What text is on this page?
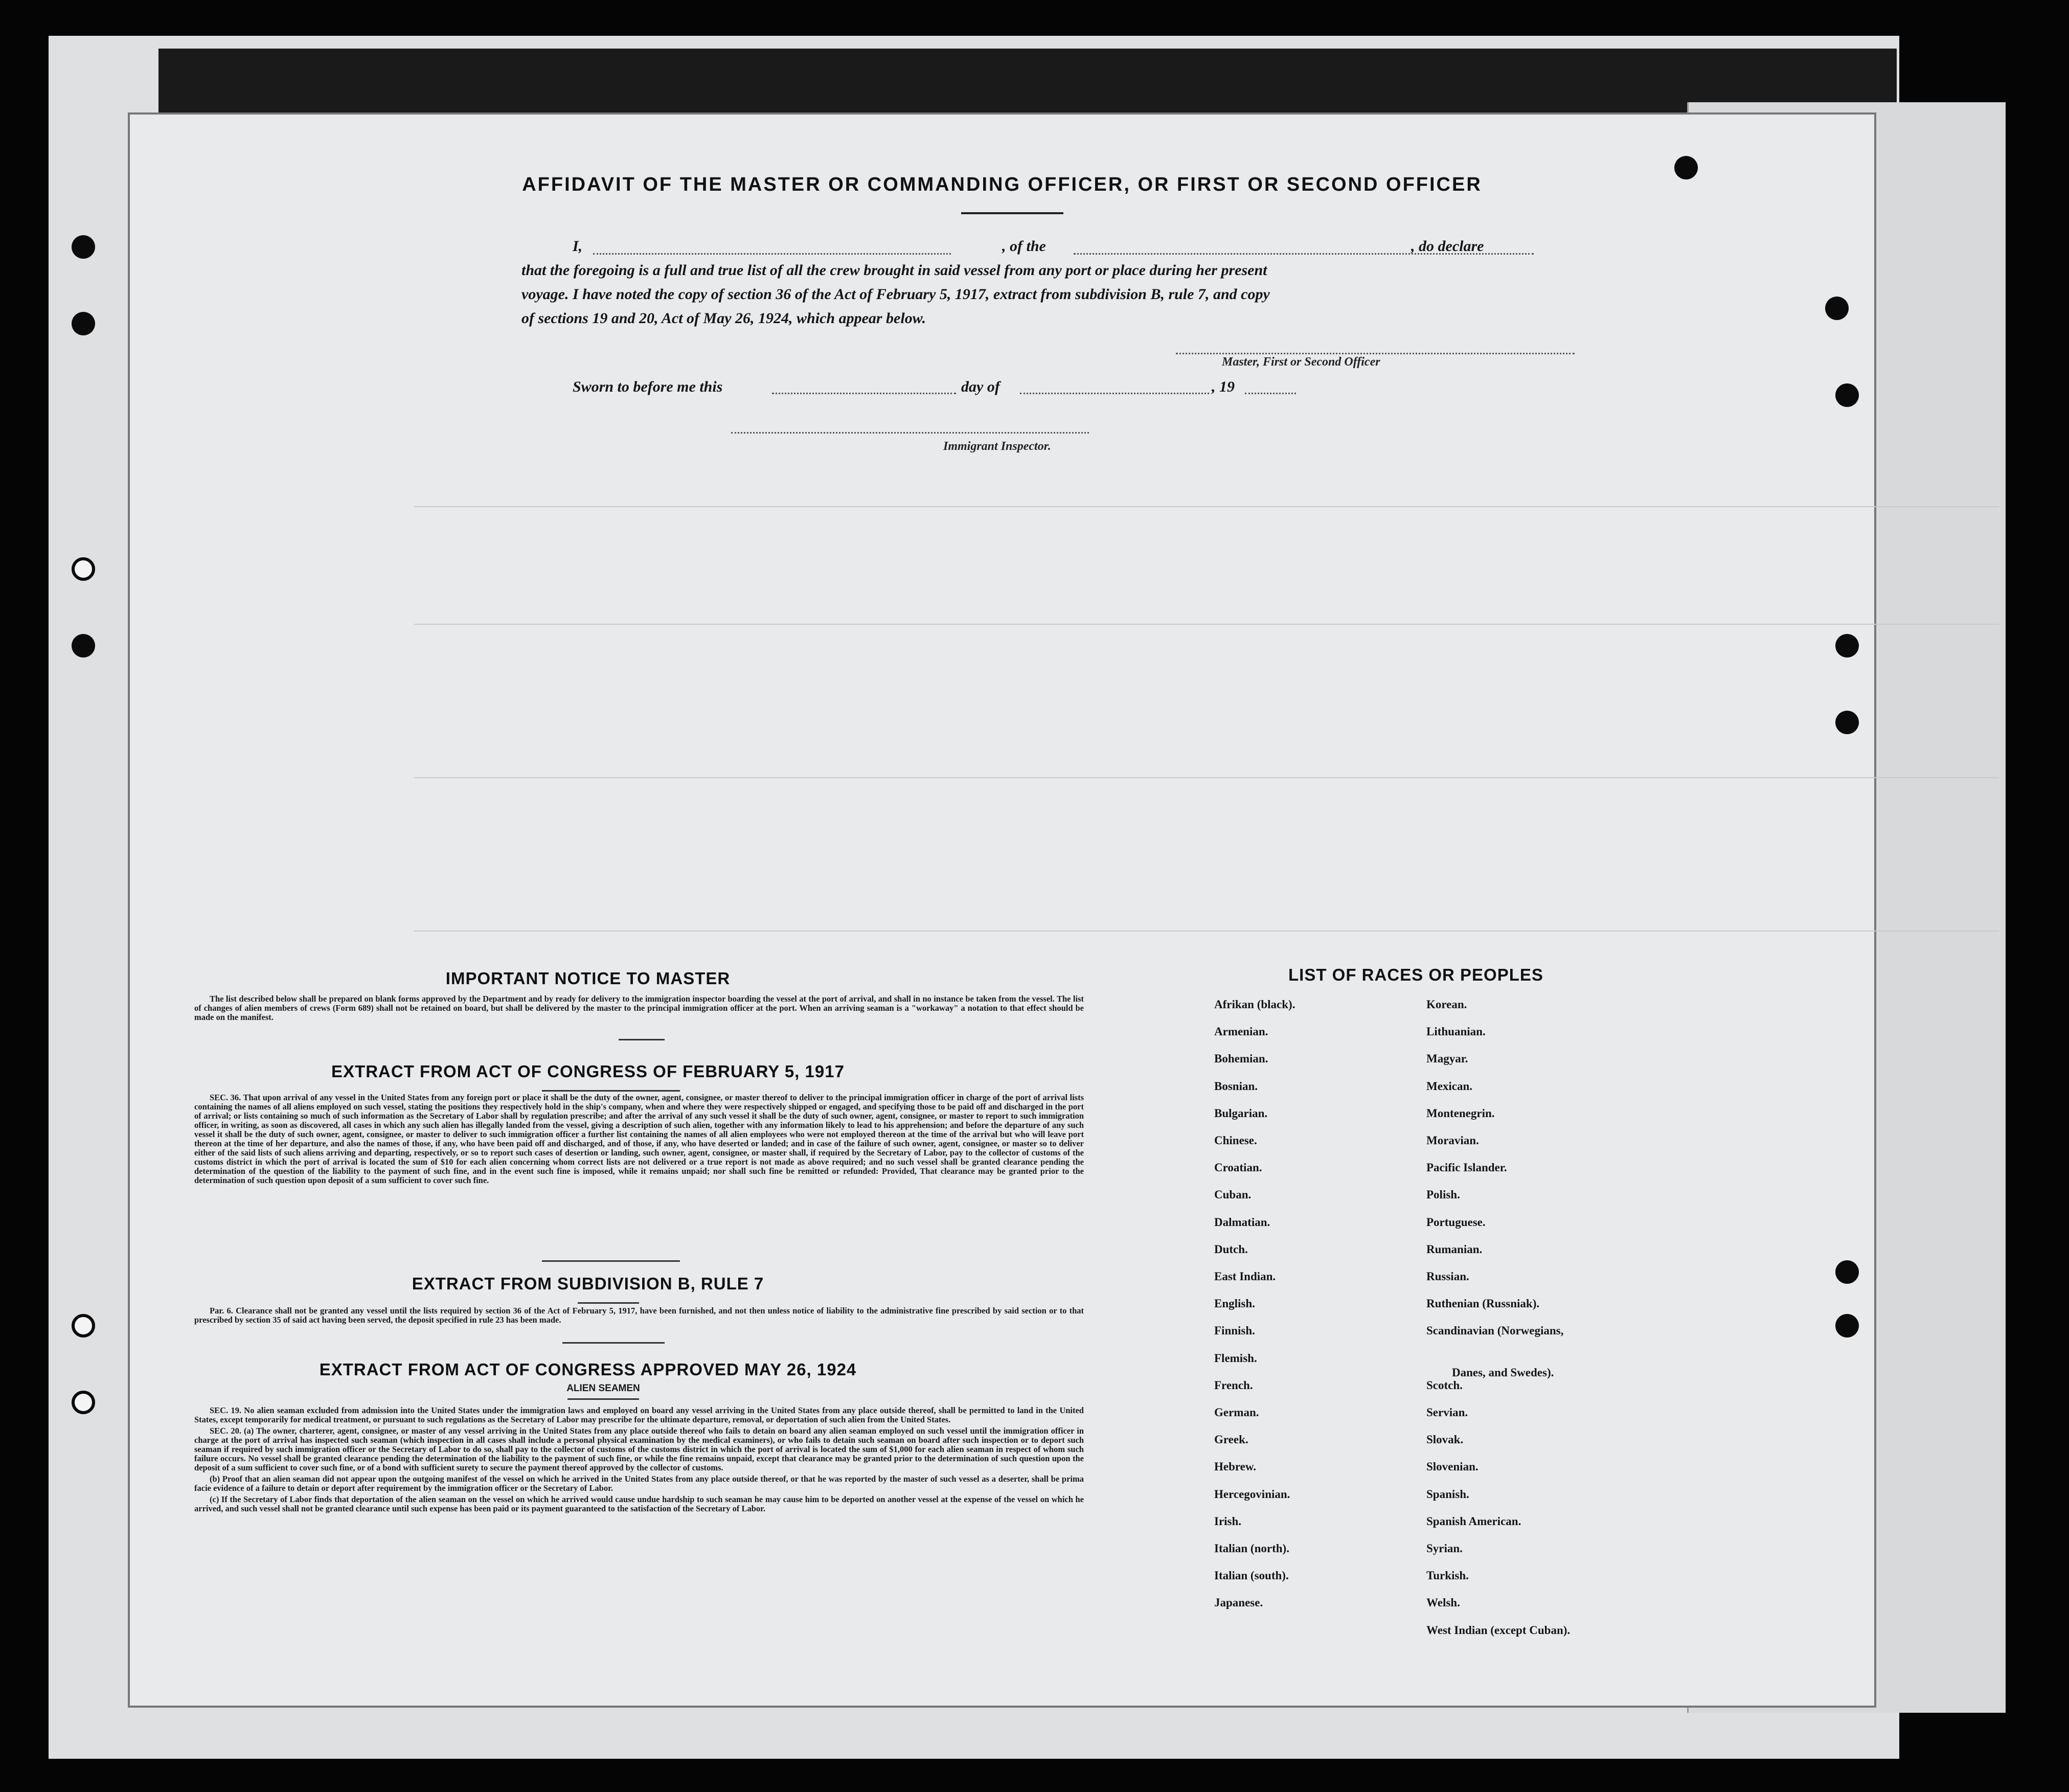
AFFIDAVIT OF THE MASTER OR COMMANDING OFFICER, OR FIRST OR SECOND OFFICER
I,	, of the	, do declare
that the foregoing is a full and true list of all the crew brought in said vessel from any port or place during her present
voyage. I have noted the copy of section 36 of the Act of February 5, 1917, extract from subdivision B, rule 7, and copy
of sections 19 and 20, Act of May 26, 1924, which appear below.
Master, First or Second Officer
Sworn to before me this	day of	, 19
Immigrant Inspector.
IMPORTANT NOTICE TO MASTER

The list described below shall be prepared on blank forms approved by the Department and by ready for delivery to the immigration inspector boarding the vessel at the port of arrival, and shall in no instance be taken from the vessel. The list of changes of alien members of crews (Form 689) shall not be retained on board, but shall be delivered by the master to the principal immigration officer at the port. When an arriving seaman is a "workaway" a notation to that effect should be made on the manifest.

EXTRACT FROM ACT OF CONGRESS OF FEBRUARY 5, 1917

SEC. 36. That upon arrival of any vessel in the United States from any foreign port or place it shall be the duty of the owner, agent, consignee, or master thereof to deliver to the principal immigration officer in charge of the port of arrival lists containing the names of all aliens employed on such vessel, stating the positions they respectively hold in the ship's company, when and where they were respectively shipped or engaged, and specifying those to be paid off and discharged in the port of arrival; or lists containing so much of such information as the Secretary of Labor shall by regulation prescribe; and after the arrival of any such vessel it shall be the duty of such owner, agent, consignee, or master to report to such immigration officer, in writing, as soon as discovered, all cases in which any such alien has illegally landed from the vessel, giving a description of such alien, together with any information likely to lead to his apprehension; and before the departure of any such vessel it shall be the duty of such owner, agent, consignee, or master to deliver to such immigration officer a further list containing the names of all alien employees who were not employed thereon at the time of the arrival but who will leave port thereon at the time of her departure, and also the names of those, if any, who have been paid off and discharged, and of those, if any, who have deserted or landed; and in case of the failure of such owner, agent, consignee, or master so to deliver either of the said lists of such aliens arriving and departing, respectively, or so to report such cases of desertion or landing, such owner, agent, consignee, or master shall, if required by the Secretary of Labor, pay to the collector of customs of the customs district in which the port of arrival is located the sum of $10 for each alien concerning whom correct lists are not delivered or a true report is not made as above required; and no such vessel shall be granted clearance pending the determination of the question of the liability to the payment of such fine, and in the event such fine is imposed, while it remains unpaid; nor shall such fine be remitted or refunded: Provided, That clearance may be granted prior to the determination of such question upon deposit of a sum sufficient to cover such fine.

EXTRACT FROM SUBDIVISION B, RULE 7

Par. 6. Clearance shall not be granted any vessel until the lists required by section 36 of the Act of February 5, 1917, have been furnished, and not then unless notice of liability to the administrative fine prescribed by said section or to that prescribed by section 35 of said act having been served, the deposit specified in rule 23 has been made.

EXTRACT FROM ACT OF CONGRESS APPROVED MAY 26, 1924
ALIEN SEAMEN

SEC. 19. No alien seaman excluded from admission into the United States under the immigration laws and employed on board any vessel arriving in the United States from any place outside thereof, shall be permitted to land in the United States, except temporarily for medical treatment, or pursuant to such regulations as the Secretary of Labor may prescribe for the ultimate departure, removal, or deportation of such alien from the United States.

SEC. 20. (a) The owner, charterer, agent, consignee, or master of any vessel arriving in the United States from any place outside thereof who fails to detain on board any alien seaman employed on such vessel until the immigration officer in charge at the port of arrival has inspected such seaman (which inspection in all cases shall include a personal physical examination by the medical examiners), or who fails to detain such seaman on board after such inspection or to deport such seaman if required by such immigration officer or the Secretary of Labor to do so, shall pay to the collector of customs of the customs district in which the port of arrival is located the sum of $1,000 for each alien seaman in respect of whom such failure occurs. No vessel shall be granted clearance pending the determination of the liability to the payment of such fine, or while the fine remains unpaid, except that clearance may be granted prior to the determination of such question upon the deposit of a sum sufficient to cover such fine, or of a bond with sufficient surety to secure the payment thereof approved by the collector of customs.

(b) Proof that an alien seaman did not appear upon the outgoing manifest of the vessel on which he arrived in the United States from any place outside thereof, or that he was reported by the master of such vessel as a deserter, shall be prima facie evidence of a failure to detain or deport after requirement by the immigration officer or the Secretary of Labor.

(c) If the Secretary of Labor finds that deportation of the alien seaman on the vessel on which he arrived would cause undue hardship to such seaman he may cause him to be deported on another vessel at the expense of the vessel on which he arrived, and such vessel shall not be granted clearance until such expense has been paid or its payment guaranteed to the satisfaction of the Secretary of Labor.

LIST OF RACES OR PEOPLES
Afrikan (black).
Armenian.
Bohemian.
Bosnian.
Bulgarian.
Chinese.
Croatian.
Cuban.
Dalmatian.
Dutch.
East Indian.
English.
Finnish.
Flemish.
French.
German.
Greek.
Hebrew.
Hercegovinian.
Irish.
Italian (north).
Italian (south).
Japanese.
Korean.
Lithuanian.
Magyar.
Mexican.
Montenegrin.
Moravian.
Pacific Islander.
Polish.
Portuguese.
Rumanian.
Russian.
Ruthenian (Russniak).
Scandinavian (Norwegians,
Danes, and Swedes).
Scotch.
Servian.
Slovak.
Slovenian.
Spanish.
Spanish American.
Syrian.
Turkish.
Welsh.
West Indian (except Cuban).
